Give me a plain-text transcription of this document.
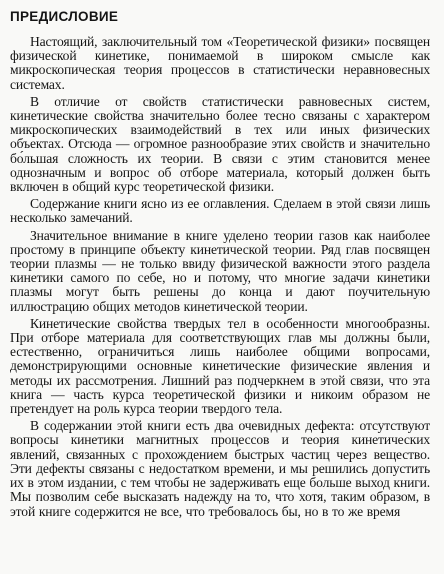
ПРЕДИСЛОВИЕ

Настоящий, заключительный том «Теоретической физики» посвящен физической кинетике, понимаемой в широком смысле как микроскопическая теория процессов в статистически неравновесных системах.

В отличие от свойств статистически равновесных систем, кинетические свойства значительно более тесно связаны с характером микроскопических взаимодействий в тех или иных физических объектах. Отсюда — огромное разнообразие этих свойств и значительно бо́льшая сложность их теории. В связи с этим становится менее однозначным и вопрос об отборе материала, который должен быть включен в общий курс теоретической физики.

Содержание книги ясно из ее оглавления. Сделаем в этой связи лишь несколько замечаний.

Значительное внимание в книге уделено теории газов как наиболее простому в принципе объекту кинетической теории. Ряд глав посвящен теории плазмы — не только ввиду физической важности этого раздела кинетики самого по себе, но и потому, что многие задачи кинетики плазмы могут быть решены до конца и дают поучительную иллюстрацию общих методов кинетической теории.

Кинетические свойства твердых тел в особенности многообразны. При отборе материала для соответствующих глав мы должны были, естественно, ограничиться лишь наиболее общими вопросами, демонстрирующими основные кинетические физические явления и методы их рассмотрения. Лишний раз подчеркнем в этой связи, что эта книга — часть курса теоретической физики и никоим образом не претендует на роль курса теории твердого тела.

В содержании этой книги есть два очевидных дефекта: отсутствуют вопросы кинетики магнитных процессов и теория кинетических явлений, связанных с прохождением быстрых частиц через вещество. Эти дефекты связаны с недостатком времени, и мы решились допустить их в этом издании, с тем чтобы не задерживать еще больше выход книги. Мы позволим себе высказать надежду на то, что хотя, таким образом, в этой книге содержится не все, что требовалось бы, но в то же время
